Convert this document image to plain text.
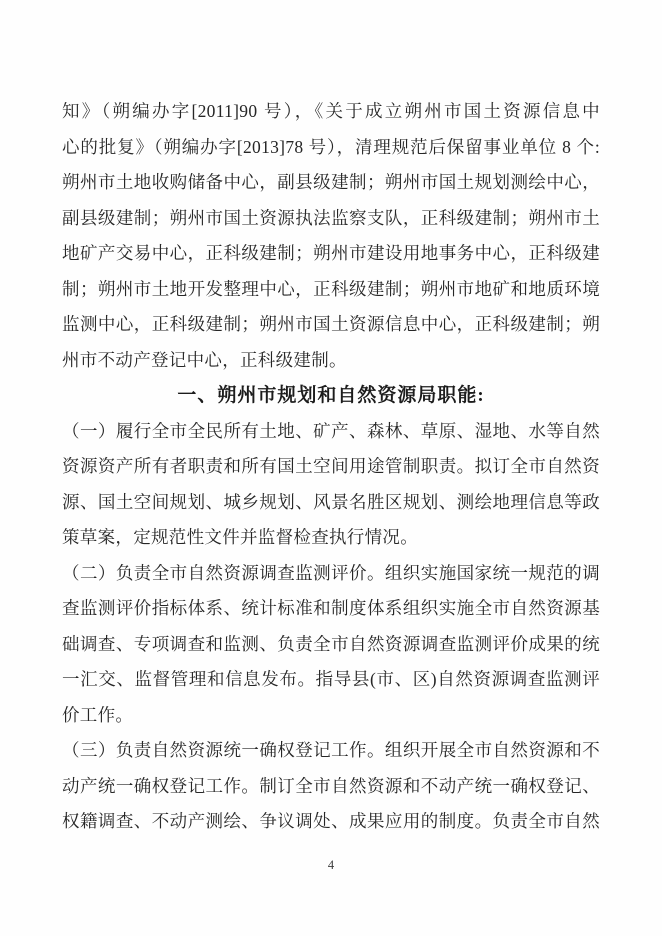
知》（朔编办字[2011]90 号），《关于成立朔州市国土资源信息中
心的批复》（朔编办字[2013]78 号），清理规范后保留事业单位 8 个:
朔州市土地收购储备中心，副县级建制；朔州市国土规划测绘中心，
副县级建制；朔州市国土资源执法监察支队，正科级建制；朔州市土
地矿产交易中心，正科级建制；朔州市建设用地事务中心，正科级建
制；朔州市土地开发整理中心，正科级建制；朔州市地矿和地质环境
监测中心，正科级建制；朔州市国土资源信息中心，正科级建制；朔
州市不动产登记中心，正科级建制。
一、朔州市规划和自然资源局职能:
（一）履行全市全民所有土地、矿产、森林、草原、湿地、水等自然
资源资产所有者职责和所有国土空间用途管制职责。拟订全市自然资
源、国土空间规划、城乡规划、风景名胜区规划、测绘地理信息等政
策草案，定规范性文件并监督检查执行情况。
（二）负责全市自然资源调查监测评价。组织实施国家统一规范的调
查监测评价指标体系、统计标准和制度体系组织实施全市自然资源基
础调查、专项调查和监测、负责全市自然资源调查监测评价成果的统
一汇交、监督管理和信息发布。指导县(市、区)自然资源调查监测评
价工作。
（三）负责自然资源统一确权登记工作。组织开展全市自然资源和不
动产统一确权登记工作。制订全市自然资源和不动产统一确权登记、
权籍调查、不动产测绘、争议调处、成果应用的制度。负责全市自然
4
